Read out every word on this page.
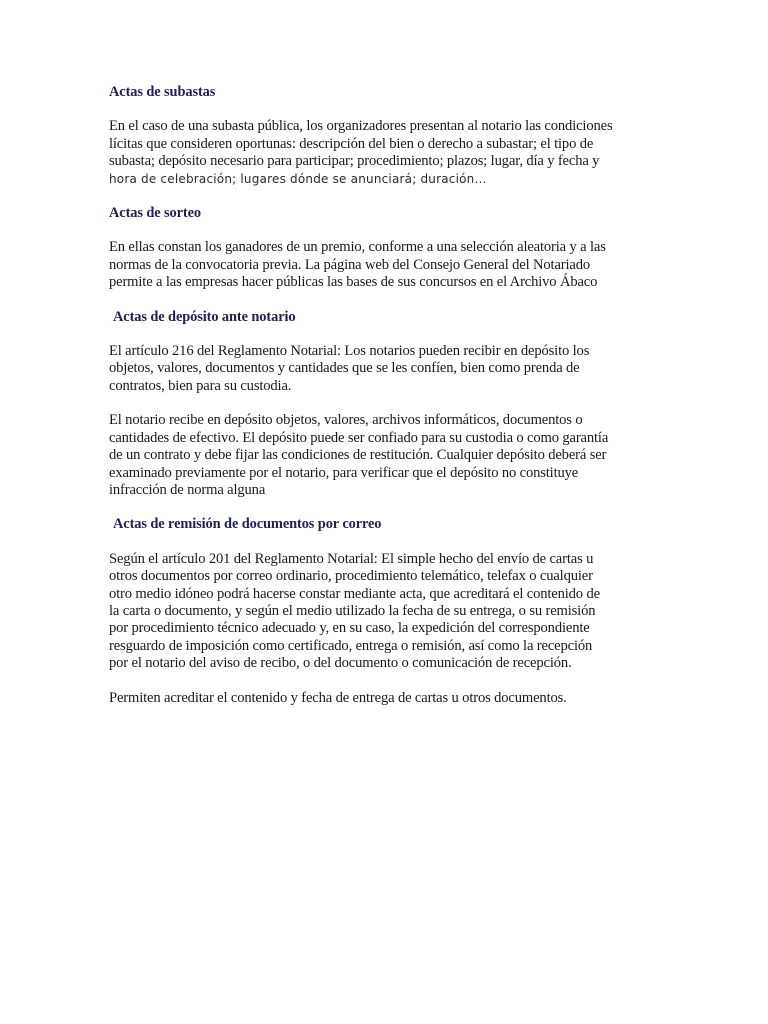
Actas de subastas

En el caso de una subasta pública, los organizadores presentan al notario las condiciones
lícitas que consideren oportunas: descripción del bien o derecho a subastar; el tipo de
subasta; depósito necesario para participar; procedimiento; plazos; lugar, día y fecha y
hora de celebración; lugares dónde se anunciará; duración…

Actas de sorteo

En ellas constan los ganadores de un premio, conforme a una selección aleatoria y a las
normas de la convocatoria previa. La página web del Consejo General del Notariado
permite a las empresas hacer públicas las bases de sus concursos en el Archivo Ábaco

Actas de depósito ante notario

El artículo 216 del Reglamento Notarial: Los notarios pueden recibir en depósito los
objetos, valores, documentos y cantidades que se les confíen, bien como prenda de
contratos, bien para su custodia.

El notario recibe en depósito objetos, valores, archivos informáticos, documentos o
cantidades de efectivo. El depósito puede ser confiado para su custodia o como garantía
de un contrato y debe fijar las condiciones de restitución. Cualquier depósito deberá ser
examinado previamente por el notario, para verificar que el depósito no constituye
infracción de norma alguna

Actas de remisión de documentos por correo

Según el artículo 201 del Reglamento Notarial: El simple hecho del envío de cartas u
otros documentos por correo ordinario, procedimiento telemático, telefax o cualquier
otro medio idóneo podrá hacerse constar mediante acta, que acreditará el contenido de
la carta o documento, y según el medio utilizado la fecha de su entrega, o su remisión
por procedimiento técnico adecuado y, en su caso, la expedición del correspondiente
resguardo de imposición como certificado, entrega o remisión, así como la recepción
por el notario del aviso de recibo, o del documento o comunicación de recepción.

Permiten acreditar el contenido y fecha de entrega de cartas u otros documentos.
